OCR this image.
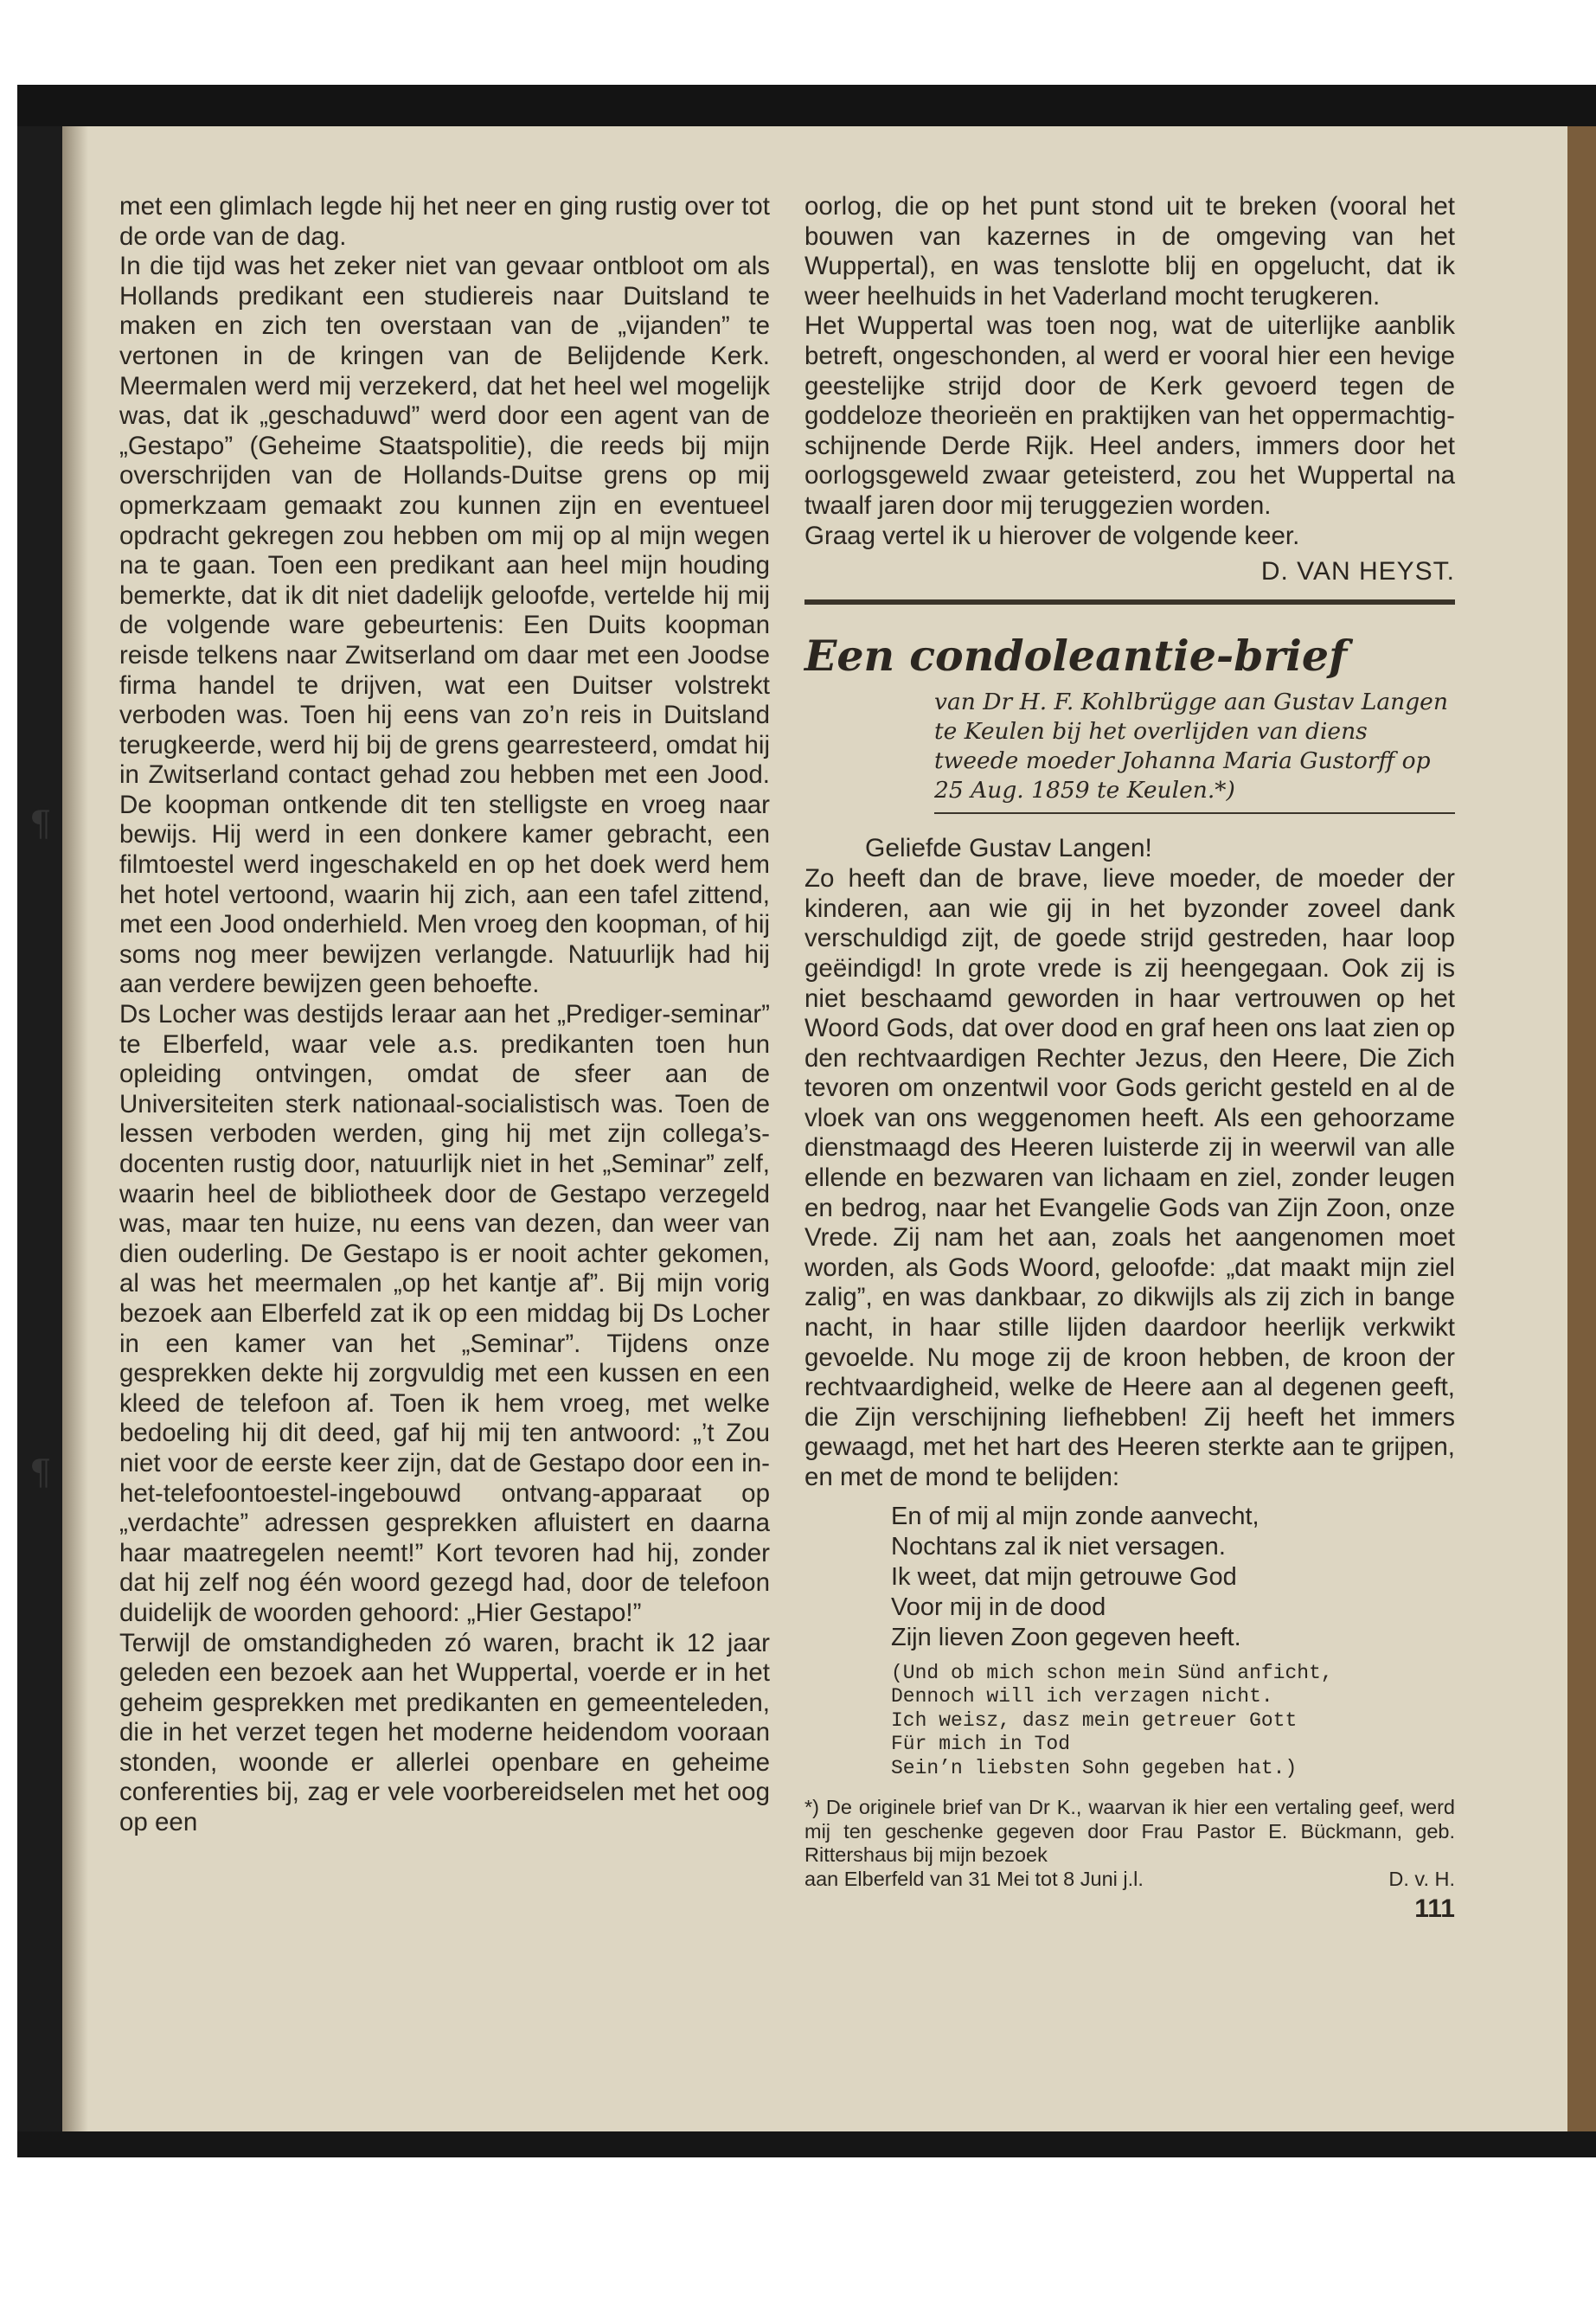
¶
¶

met een glimlach legde hij het neer en ging rustig over tot de orde van de dag.

In die tijd was het zeker niet van gevaar ontbloot om als Hollands predikant een studiereis naar Duitsland te maken en zich ten overstaan van de „vijanden” te vertonen in de kringen van de Belijdende Kerk. Meermalen werd mij verzekerd, dat het heel wel mogelijk was, dat ik „geschaduwd” werd door een agent van de „Gestapo” (Geheime Staatspolitie), die reeds bij mijn overschrijden van de Hollands-Duitse grens op mij opmerkzaam gemaakt zou kunnen zijn en eventueel opdracht gekregen zou hebben om mij op al mijn wegen na te gaan. Toen een predikant aan heel mijn houding bemerkte, dat ik dit niet dadelijk geloofde, vertelde hij mij de volgende ware gebeurtenis: Een Duits koopman reisde telkens naar Zwitserland om daar met een Joodse firma handel te drijven, wat een Duitser volstrekt verboden was. Toen hij eens van zo’n reis in Duitsland terugkeerde, werd hij bij de grens gearresteerd, omdat hij in Zwitserland contact gehad zou hebben met een Jood. De koopman ontkende dit ten stelligste en vroeg naar bewijs. Hij werd in een donkere kamer gebracht, een filmtoestel werd ingeschakeld en op het doek werd hem het hotel vertoond, waarin hij zich, aan een tafel zittend, met een Jood onderhield. Men vroeg den koopman, of hij soms nog meer bewijzen verlangde. Natuurlijk had hij aan verdere bewijzen geen behoefte.

Ds Locher was destijds leraar aan het „Prediger-seminar” te Elberfeld, waar vele a.s. predikanten toen hun opleiding ontvingen, omdat de sfeer aan de Universiteiten sterk nationaal-socialistisch was. Toen de lessen verboden werden, ging hij met zijn collega’s-docenten rustig door, natuurlijk niet in het „Seminar” zelf, waarin heel de bibliotheek door de Gestapo verzegeld was, maar ten huize, nu eens van dezen, dan weer van dien ouderling. De Gestapo is er nooit achter gekomen, al was het meermalen „op het kantje af”. Bij mijn vorig bezoek aan Elberfeld zat ik op een middag bij Ds Locher in een kamer van het „Seminar”. Tijdens onze gesprekken dekte hij zorgvuldig met een kussen en een kleed de telefoon af. Toen ik hem vroeg, met welke bedoeling hij dit deed, gaf hij mij ten antwoord: „’t Zou niet voor de eerste keer zijn, dat de Gestapo door een in-het-telefoontoestel-ingebouwd ontvang-apparaat op „verdachte” adressen gesprekken afluistert en daarna haar maatregelen neemt!” Kort tevoren had hij, zonder dat hij zelf nog één woord gezegd had, door de telefoon duidelijk de woorden gehoord: „Hier Gestapo!”

Terwijl de omstandigheden zó waren, bracht ik 12 jaar geleden een bezoek aan het Wuppertal, voerde er in het geheim gesprekken met predikanten en gemeenteleden, die in het verzet tegen het moderne heidendom vooraan stonden, woonde er allerlei openbare en geheime conferenties bij, zag er vele voorbereidselen met het oog op een

oorlog, die op het punt stond uit te breken (vooral het bouwen van kazernes in de omgeving van het Wuppertal), en was tenslotte blij en opgelucht, dat ik weer heelhuids in het Vaderland mocht terugkeren.

Het Wuppertal was toen nog, wat de uiterlijke aanblik betreft, ongeschonden, al werd er vooral hier een hevige geestelijke strijd door de Kerk gevoerd tegen de goddeloze theorieën en praktijken van het oppermachtig-schijnende Derde Rijk. Heel anders, immers door het oorlogsgeweld zwaar geteisterd, zou het Wuppertal na twaalf jaren door mij teruggezien worden.

Graag vertel ik u hierover de volgende keer.

D. VAN HEYST.

Een condoleantie-brief

van Dr H. F. Kohlbrügge aan Gustav Langen te Keulen bij het overlijden van diens tweede moeder Johanna Maria Gustorff op 25 Aug. 1859 te Keulen.*)

Geliefde Gustav Langen!

Zo heeft dan de brave, lieve moeder, de moeder der kinderen, aan wie gij in het byzonder zoveel dank verschuldigd zijt, de goede strijd gestreden, haar loop geëindigd! In grote vrede is zij heengegaan. Ook zij is niet beschaamd geworden in haar vertrouwen op het Woord Gods, dat over dood en graf heen ons laat zien op den rechtvaardigen Rechter Jezus, den Heere, Die Zich tevoren om onzentwil voor Gods gericht gesteld en al de vloek van ons weggenomen heeft. Als een gehoorzame dienstmaagd des Heeren luisterde zij in weerwil van alle ellende en bezwaren van lichaam en ziel, zonder leugen en bedrog, naar het Evangelie Gods van Zijn Zoon, onze Vrede. Zij nam het aan, zoals het aangenomen moet worden, als Gods Woord, geloofde: „dat maakt mijn ziel zalig”, en was dankbaar, zo dikwijls als zij zich in bange nacht, in haar stille lijden daardoor heerlijk verkwikt gevoelde. Nu moge zij de kroon hebben, de kroon der rechtvaardigheid, welke de Heere aan al degenen geeft, die Zijn verschijning liefhebben! Zij heeft het immers gewaagd, met het hart des Heeren sterkte aan te grijpen, en met de mond te belijden:

En of mij al mijn zonde aanvecht,

Nochtans zal ik niet versagen.

Ik weet, dat mijn getrouwe God

Voor mij in de dood

Zijn lieven Zoon gegeven heeft.

(Und ob mich schon mein Sünd anficht,

Dennoch will ich verzagen nicht.

Ich weisz, dasz mein getreuer Gott

Für mich in Tod

Sein’n liebsten Sohn gegeben hat.)

*) De originele brief van Dr K., waarvan ik hier een vertaling geef, werd mij ten geschenke gegeven door Frau Pastor E. Bückmann, geb. Rittershaus bij mijn bezoek

aan Elberfeld van 31 Mei tot 8 Juni j.l.	D. v. H.
111
